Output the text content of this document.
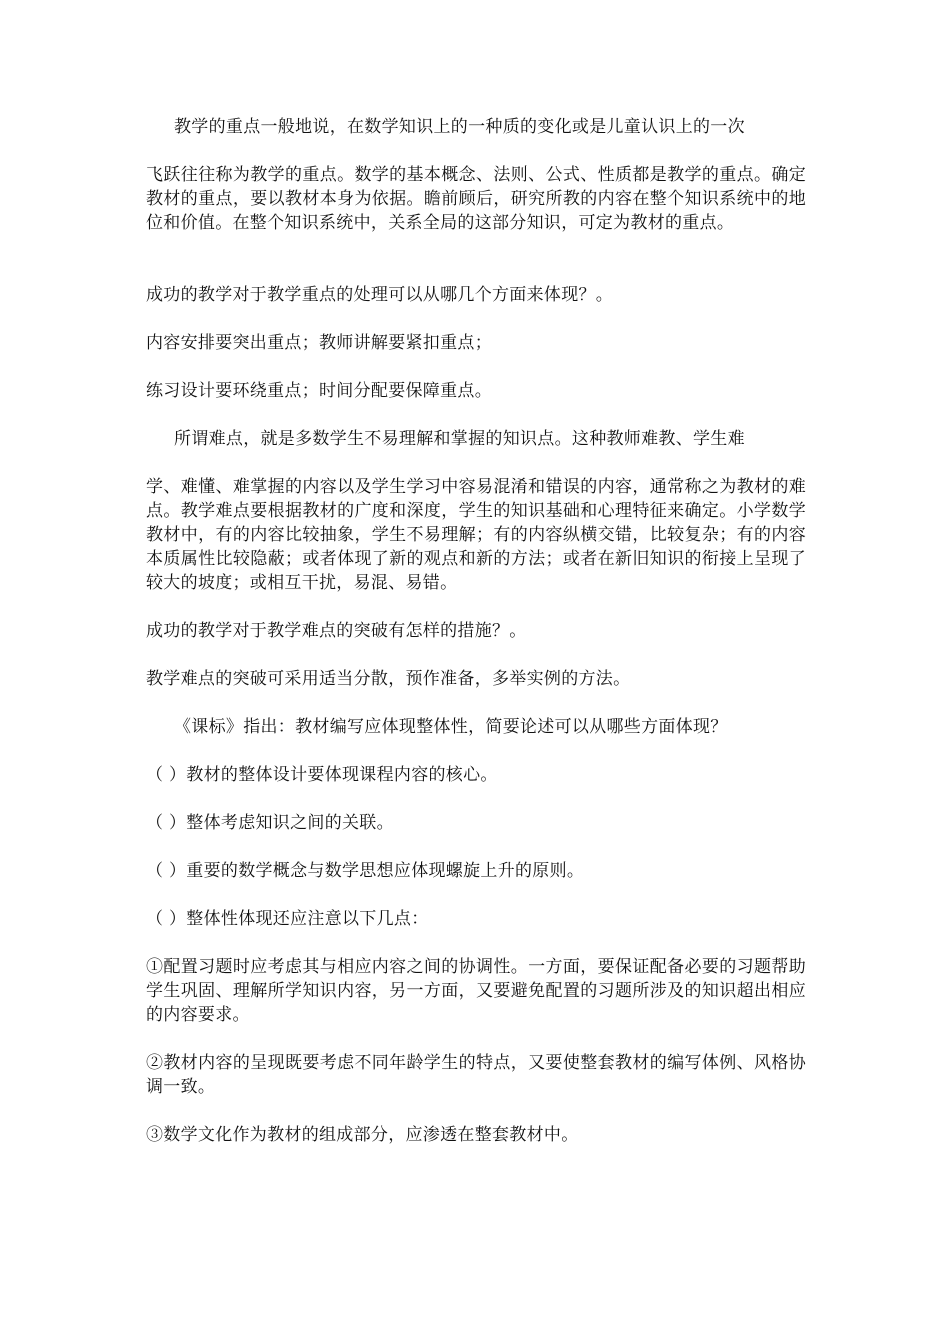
教学的重点一般地说，在数学知识上的一种质的变化或是儿童认识上的一次

飞跃往往称为教学的重点。数学的基本概念、法则、公式、性质都是教学的重点。确定教材的重点，要以教材本身为依据。瞻前顾后，研究所教的内容在整个知识系统中的地位和价值。在整个知识系统中，关系全局的这部分知识，可定为教材的重点。

成功的教学对于教学重点的处理可以从哪几个方面来体现？。

内容安排要突出重点；教师讲解要紧扣重点；

练习设计要环绕重点；时间分配要保障重点。

所谓难点，就是多数学生不易理解和掌握的知识点。这种教师难教、学生难

学、难懂、难掌握的内容以及学生学习中容易混淆和错误的内容，通常称之为教材的难点。教学难点要根据教材的广度和深度，学生的知识基础和心理特征来确定。小学数学教材中，有的内容比较抽象，学生不易理解；有的内容纵横交错，比较复杂；有的内容本质属性比较隐蔽；或者体现了新的观点和新的方法；或者在新旧知识的衔接上呈现了较大的坡度；或相互干扰，易混、易错。

成功的教学对于教学难点的突破有怎样的措施？。

教学难点的突破可采用适当分散，预作准备，多举实例的方法。

《课标》指出：教材编写应体现整体性，简要论述可以从哪些方面体现？

（ ）教材的整体设计要体现课程内容的核心。

（ ）整体考虑知识之间的关联。

（ ）重要的数学概念与数学思想应体现螺旋上升的原则。

（ ）整体性体现还应注意以下几点：

①配置习题时应考虑其与相应内容之间的协调性。一方面，要保证配备必要的习题帮助学生巩固、理解所学知识内容，另一方面，又要避免配置的习题所涉及的知识超出相应的内容要求。

②教材内容的呈现既要考虑不同年龄学生的特点，又要使整套教材的编写体例、风格协调一致。

③数学文化作为教材的组成部分，应渗透在整套教材中。
